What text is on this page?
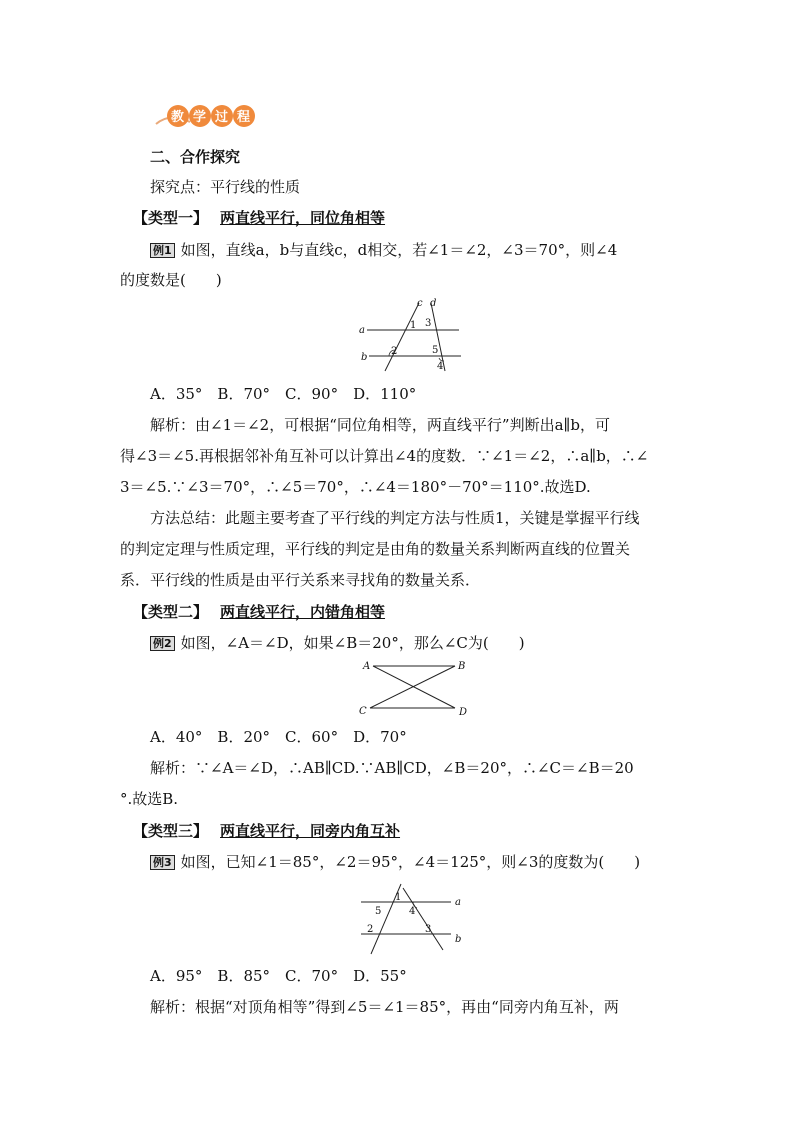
教 学 过 程
二、合作探究
探究点：平行线的性质
【类型一】 两直线平行，同位角相等
例1 如图，直线a，b与直线c，d相交，若∠1＝∠2，∠3＝70°，则∠4
的度数是(　　)
c d
a
b
1
2
3
5
4
A．35°　B．70°　C．90°　D．110°
解析：由∠1＝∠2，可根据“同位角相等，两直线平行”判断出a∥b，可
得∠3＝∠5.再根据邻补角互补可以计算出∠4的度数．∵∠1＝∠2，∴a∥b，∴∠
3＝∠5.∵∠3＝70°，∴∠5＝70°，∴∠4＝180°－70°＝110°.故选D.
方法总结：此题主要考查了平行线的判定方法与性质1，关键是掌握平行线
的判定定理与性质定理，平行线的判定是由角的数量关系判断两直线的位置关
系．平行线的性质是由平行关系来寻找角的数量关系．
【类型二】 两直线平行，内错角相等
例2 如图，∠A＝∠D，如果∠B＝20°，那么∠C为(　　)
A	B
C	D
A．40°　B．20°　C．60°　D．70°
解析：∵∠A＝∠D，∴AB∥CD.∵AB∥CD，∠B＝20°，∴∠C＝∠B＝20
°.故选B.
【类型三】 两直线平行，同旁内角互补
例3 如图，已知∠1＝85°，∠2＝95°，∠4＝125°，则∠3的度数为(　　)
a
b
1
5	4
2	3
A．95°　B．85°　C．70°　D．55°
解析：根据“对顶角相等”得到∠5＝∠1＝85°，再由“同旁内角互补，两
